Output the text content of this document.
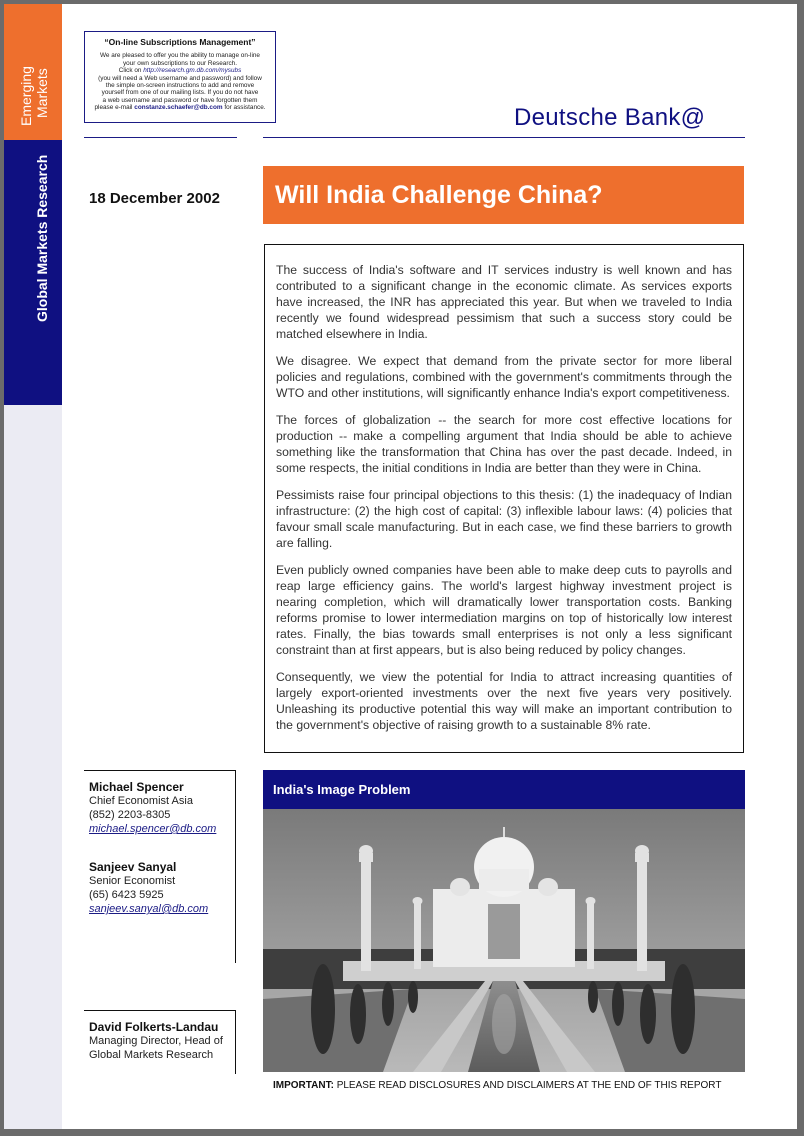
Emerging Markets
Global Markets Research
“On-line Subscriptions Management”
We are pleased to offer you the ability to manage on-line
your own subscriptions to our Research.
Click on http://research.gm.db.com/mysubs
(you will need a Web username and password) and follow
the simple on-screen instructions to add and remove
yourself from one of our mailing lists. If you do not have
a web username and password or have forgotten them
please e-mail constanze.schaefer@db.com for assistance.	Deutsche Bank@
18 December 2002 Will India Challenge China?

The success of India's software and IT services industry is well known and has contributed to a significant change in the economic climate. As services exports have increased, the INR has appreciated this year. But when we traveled to India recently we found widespread pessimism that such a success story could be matched elsewhere in India.

We disagree. We expect that demand from the private sector for more liberal policies and regulations, combined with the government's commitments through the WTO and other institutions, will significantly enhance India's export competitiveness.

The forces of globalization -- the search for more cost effective locations for production -- make a compelling argument that India should be able to achieve something like the transformation that China has over the past decade. Indeed, in some respects, the initial conditions in India are better than they were in China.

Pessimists raise four principal objections to this thesis: (1) the inadequacy of Indian infrastructure: (2) the high cost of capital: (3) inflexible labour laws: (4) policies that favour small scale manufacturing. But in each case, we find these barriers to growth are falling.

Even publicly owned companies have been able to make deep cuts to payrolls and reap large efficiency gains. The world's largest highway investment project is nearing completion, which will dramatically lower transportation costs. Banking reforms promise to lower intermediation margins on top of historically low interest rates. Finally, the bias towards small enterprises is not only a less significant constraint than at first appears, but is also being reduced by policy changes.

Consequently, we view the potential for India to attract increasing quantities of largely export-oriented investments over the next five years very positively. Unleashing its productive potential this way will make an important contribution to the government's objective of raising growth to a sustainable 8% rate.

Michael Spencer
Chief Economist Asia
(852) 2203-8305
michael.spencer@db.com
Sanjeev Sanyal
Senior Economist
(65) 6423 5925
sanjeev.sanyal@db.com
David Folkerts-Landau
Managing Director, Head of
Global Markets Research
India's Image Problem
IMPORTANT: PLEASE READ DISCLOSURES AND DISCLAIMERS AT THE END OF THIS REPORT
